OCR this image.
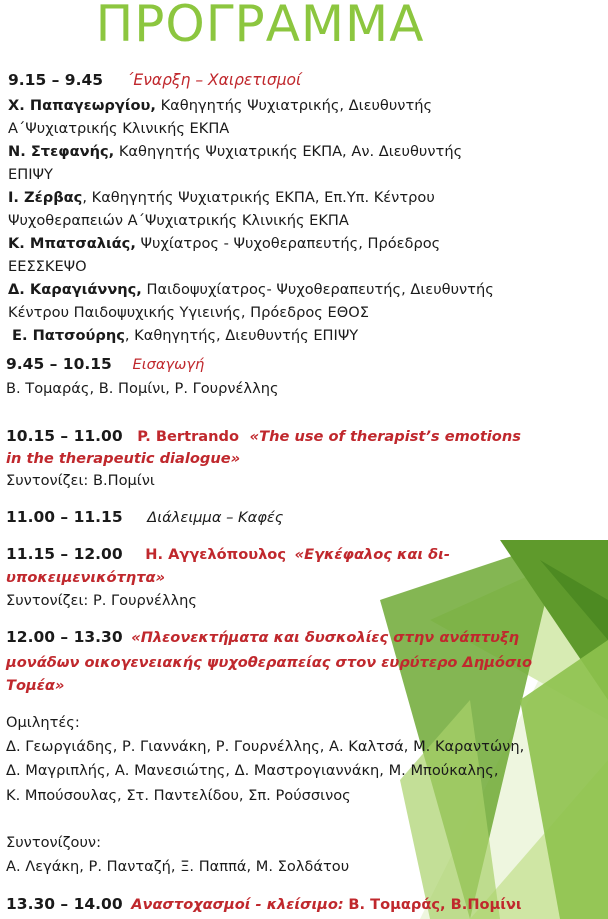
ΠΡΟΓΡΑΜΜΑ
9.15 – 9.45 ΄Εναρξη – Χαιρετισμοί
Χ. Παπαγεωργίου, Καθηγητής Ψυχιατρικής, Διευθυντής
Α΄Ψυχιατρικής Κλινικής ΕΚΠΑ
Ν. Στεφανής, Καθηγητής Ψυχιατρικής ΕΚΠΑ, Αν. Διευθυντής
ΕΠΙΨΥ
Ι. Ζέρβας, Καθηγητής Ψυχιατρικής ΕΚΠΑ, Επ.Υπ. Κέντρου
Ψυχοθεραπειών Α΄Ψυχιατρικής Κλινικής ΕΚΠΑ
Κ. Μπατσαλιάς, Ψυχίατρος - Ψυχοθεραπευτής, Πρόεδρος
ΕΕΣΣΚΕΨΟ
Δ. Καραγιάννης, Παιδοψυχίατρος- Ψυχοθεραπευτής, Διευθυντής
Κέντρου Παιδοψυχικής Υγιεινής, Πρόεδρος ΕΘΟΣ
Ε. Πατσούρης, Καθηγητής, Διευθυντής ΕΠΙΨΥ
9.45 – 10.15 Εισαγωγή
Β. Τομαράς, Β. Πομίνι, Ρ. Γουρνέλλης
10.15 – 11.00 P. Bertrando «The use of therapist’s emotions
in the therapeutic dialogue»
Συντονίζει: Β.Πομίνι
11.00 – 11.15 Διάλειμμα – Καφές
11.15 – 12.00 Η. Αγγελόπουλος «Εγκέφαλος και δι-
υποκειμενικότητα»
Συντονίζει: Ρ. Γουρνέλλης
12.00 – 13.30 «Πλεονεκτήματα και δυσκολίες στην ανάπτυξη
μονάδων οικογενειακής ψυχοθεραπείας στον ευρύτερο Δημόσιο
Τομέα»
Ομιλητές:
Δ. Γεωργιάδης, Ρ. Γιαννάκη, Ρ. Γουρνέλλης, Α. Καλτσά, Μ. Καραντώνη,
Δ. Μαγριπλής, Α. Μανεσιώτης, Δ. Μαστρογιαννάκη, Μ. Μπούκαλης,
Κ. Μπούσουλας, Στ. Παντελίδου, Σπ. Ρούσσινος
Συντονίζουν:
Α. Λεγάκη, Ρ. Πανταζή, Ξ. Παππά, Μ. Σολδάτου
13.30 – 14.00 Αναστοχασμοί - κλείσιμο: Β. Τομαράς, Β.Πομίνι
